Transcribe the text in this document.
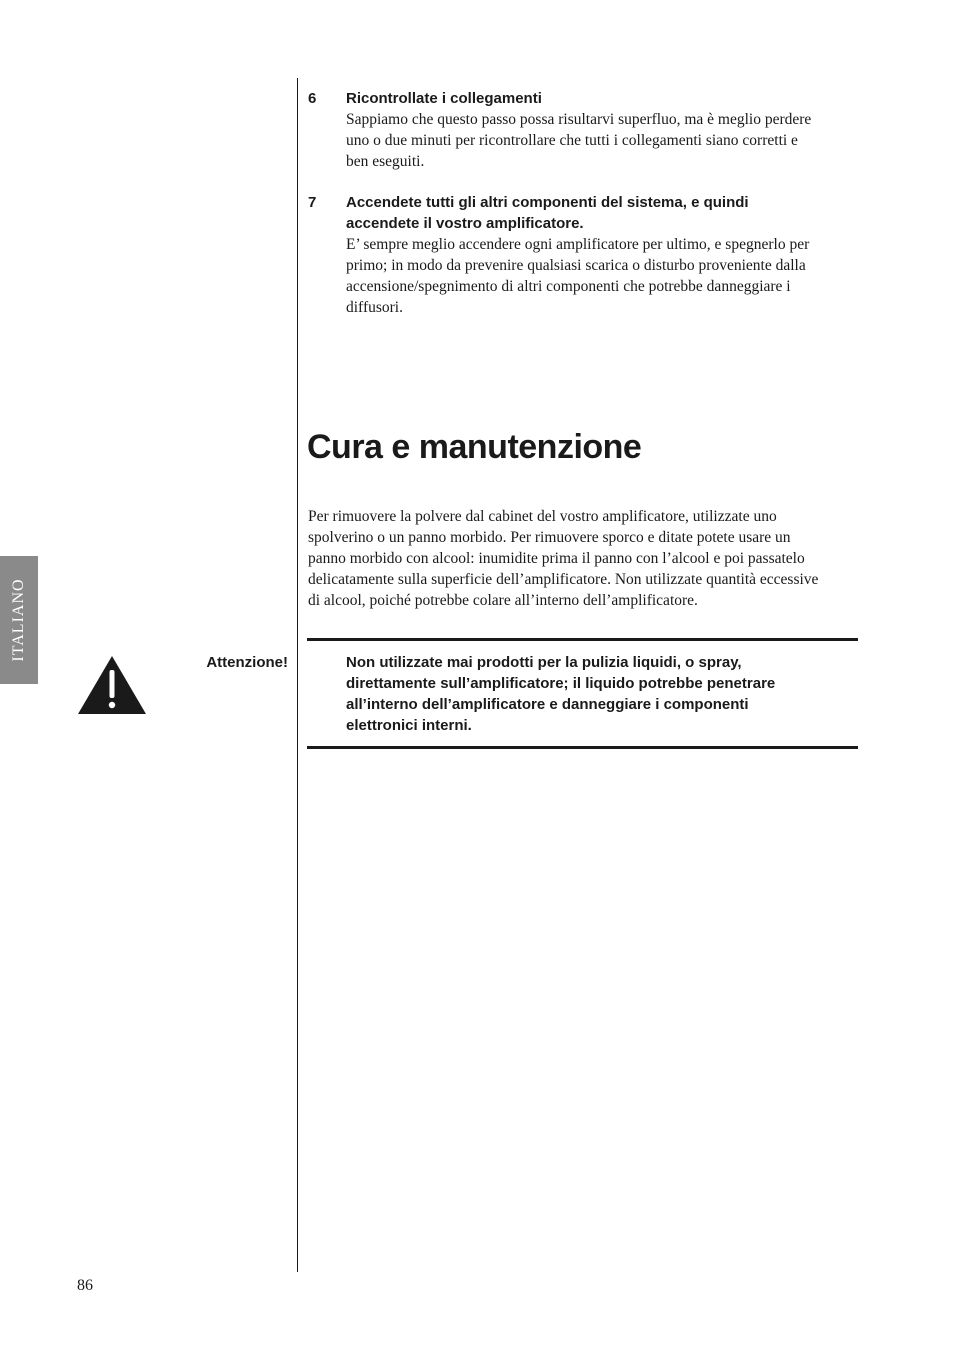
6 Ricontrollate i collegamenti
Sappiamo che questo passo possa risultarvi superfluo, ma è meglio perdere
uno o due minuti per ricontrollare che tutti i collegamenti siano corretti e
ben eseguiti.
7 Accendete tutti gli altri componenti del sistema, e quindi
accendete il vostro amplificatore.
E’ sempre meglio accendere ogni amplificatore per ultimo, e spegnerlo per
primo; in modo da prevenire qualsiasi scarica o disturbo proveniente dalla
accensione/spegnimento di altri componenti che potrebbe danneggiare i
diffusori.
Cura e manutenzione
Per rimuovere la polvere dal cabinet del vostro amplificatore, utilizzate uno
spolverino o un panno morbido. Per rimuovere sporco e ditate potete usare un
panno morbido con alcool: inumidite prima il panno con l’alcool e poi passatelo
delicatamente sulla superficie dell’amplificatore. Non utilizzate quantità eccessive
di alcool, poiché potrebbe colare all’interno dell’amplificatore.
Attenzione!	Non utilizzate mai prodotti per la pulizia liquidi, o spray,
direttamente sull’amplificatore; il liquido potrebbe penetrare
all’interno dell’amplificatore e danneggiare i componenti
elettronici interni.
ITALIANO
86
